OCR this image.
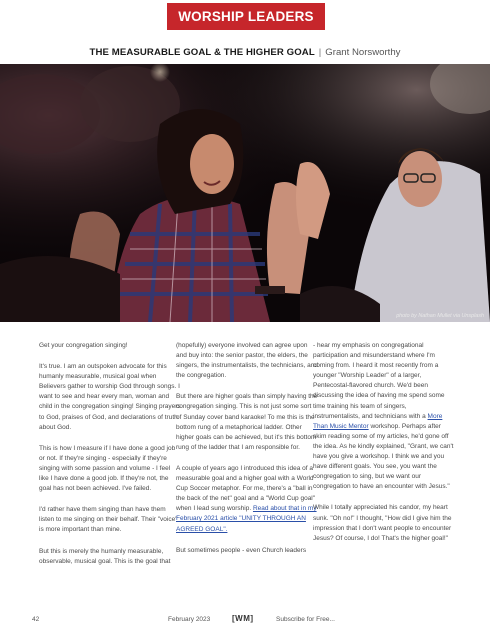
WORSHIP LEADERS
THE MEASURABLE GOAL & THE HIGHER GOAL | Grant Norsworthy
photo by Nathan Mullet via Unsplash

Get your congregation singing!

It's true. I am an outspoken advocate for this humanly measurable, musical goal when Believers gather to worship God through songs. I want to see and hear every man, woman and child in the congregation singing! Singing prayers to God, praises of God, and declarations of truth about God.

This is how I measure if I have done a good job or not. If they're singing - especially if they're singing with some passion and volume - I feel like I have done a good job. If they're not, the goal has not been achieved. I've failed.

I'd rather have them singing than have them listen to me singing on their behalf. Their "voice" is more important than mine.

But this is merely the humanly measurable, observable, musical goal. This is the goal that

(hopefully) everyone involved can agree upon and buy into: the senior pastor, the elders, the singers, the instrumentalists, the technicians, and the congregation.

But there are higher goals than simply having the congregation singing. This is not just some sort of Sunday cover band karaoke! To me this is the bottom rung of a metaphorical ladder. Other higher goals can be achieved, but it's this bottom rung of the ladder that I am responsible for.

A couple of years ago I introduced this idea of a measurable goal and a higher goal with a World Cup Soccer metaphor. For me, there's a "ball in the back of the net" goal and a "World Cup goal" when I lead sung worship. Read about that in my February 2021 article "UNITY THROUGH AN AGREED GOAL".

But sometimes people - even Church leaders

- hear my emphasis on congregational participation and misunderstand where I'm coming from. I heard it most recently from a younger "Worship Leader" of a larger, Pentecostal-flavored church. We'd been discussing the idea of having me spend some time training his team of singers, instrumentalists, and technicians with a More Than Music Mentor workshop. Perhaps after skim reading some of my articles, he'd gone off the idea. As he kindly explained, "Grant, we can't have you give a workshop. I think we and you have different goals. You see, you want the congregation to sing, but we want our congregation to have an encounter with Jesus."

While I totally appreciated his candor, my heart sunk. "Oh no!" I thought, "How did I give him the impression that I don't want people to encounter Jesus? Of course, I do! That's the higher goal!"

42	February 2023	[WM]	Subscribe for Free...
